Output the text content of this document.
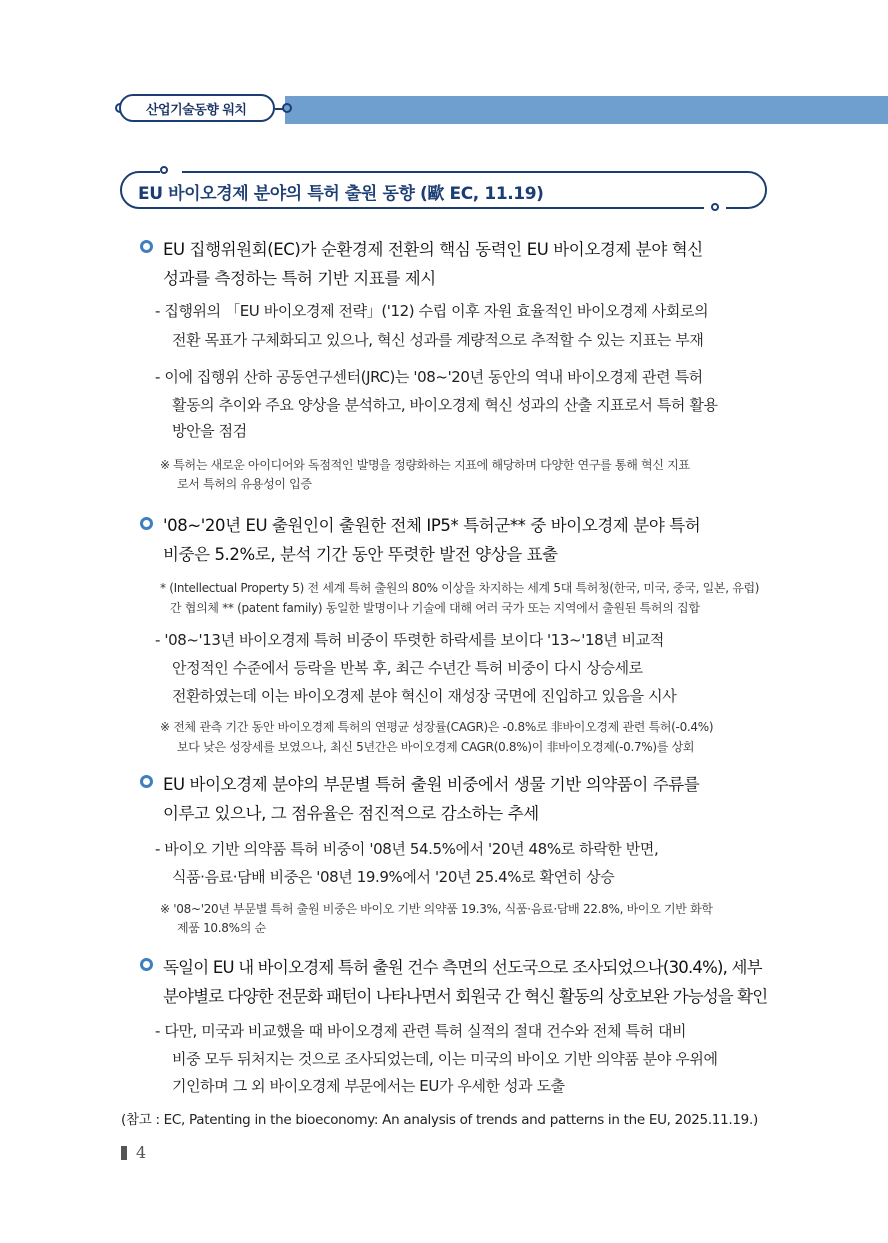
산업기술동향 워치
EU 바이오경제 분야의 특허 출원 동향 (歐 EC, 11.19)
EU 집행위원회(EC)가 순환경제 전환의 핵심 동력인 EU 바이오경제 분야 혁신
성과를 측정하는 특허 기반 지표를 제시
- 집행위의 「EU 바이오경제 전략」('12) 수립 이후 자원 효율적인 바이오경제 사회로의
전환 목표가 구체화되고 있으나, 혁신 성과를 계량적으로 추적할 수 있는 지표는 부재
- 이에 집행위 산하 공동연구센터(JRC)는 '08~'20년 동안의 역내 바이오경제 관련 특허
활동의 추이와 주요 양상을 분석하고, 바이오경제 혁신 성과의 산출 지표로서 특허 활용
방안을 점검
※ 특허는 새로운 아이디어와 독점적인 발명을 정량화하는 지표에 해당하며 다양한 연구를 통해 혁신 지표
로서 특허의 유용성이 입증
'08~'20년 EU 출원인이 출원한 전체 IP5* 특허군** 중 바이오경제 분야 특허
비중은 5.2%로, 분석 기간 동안 뚜렷한 발전 양상을 표출
* (Intellectual Property 5) 전 세계 특허 출원의 80% 이상을 차지하는 세계 5대 특허청(한국, 미국, 중국, 일본, 유럽)
간 협의체 ** (patent family) 동일한 발명이나 기술에 대해 여러 국가 또는 지역에서 출원된 특허의 집합
- '08~'13년 바이오경제 특허 비중이 뚜렷한 하락세를 보이다 '13~'18년 비교적
안정적인 수준에서 등락을 반복 후, 최근 수년간 특허 비중이 다시 상승세로
전환하였는데 이는 바이오경제 분야 혁신이 재성장 국면에 진입하고 있음을 시사
※ 전체 관측 기간 동안 바이오경제 특허의 연평균 성장률(CAGR)은 -0.8%로 非바이오경제 관련 특허(-0.4%)
보다 낮은 성장세를 보였으나, 최신 5년간은 바이오경제 CAGR(0.8%)이 非바이오경제(-0.7%)를 상회
EU 바이오경제 분야의 부문별 특허 출원 비중에서 생물 기반 의약품이 주류를
이루고 있으나, 그 점유율은 점진적으로 감소하는 추세
- 바이오 기반 의약품 특허 비중이 '08년 54.5%에서 '20년 48%로 하락한 반면,
식품·음료·담배 비중은 '08년 19.9%에서 '20년 25.4%로 확연히 상승
※ '08~'20년 부문별 특허 출원 비중은 바이오 기반 의약품 19.3%, 식품·음료·담배 22.8%, 바이오 기반 화학
제품 10.8%의 순
독일이 EU 내 바이오경제 특허 출원 건수 측면의 선도국으로 조사되었으나(30.4%), 세부
분야별로 다양한 전문화 패턴이 나타나면서 회원국 간 혁신 활동의 상호보완 가능성을 확인
- 다만, 미국과 비교했을 때 바이오경제 관련 특허 실적의 절대 건수와 전체 특허 대비
비중 모두 뒤처지는 것으로 조사되었는데, 이는 미국의 바이오 기반 의약품 분야 우위에
기인하며 그 외 바이오경제 부문에서는 EU가 우세한 성과 도출
(참고 : EC, Patenting in the bioeconomy: An analysis of trends and patterns in the EU, 2025.11.19.)
4
